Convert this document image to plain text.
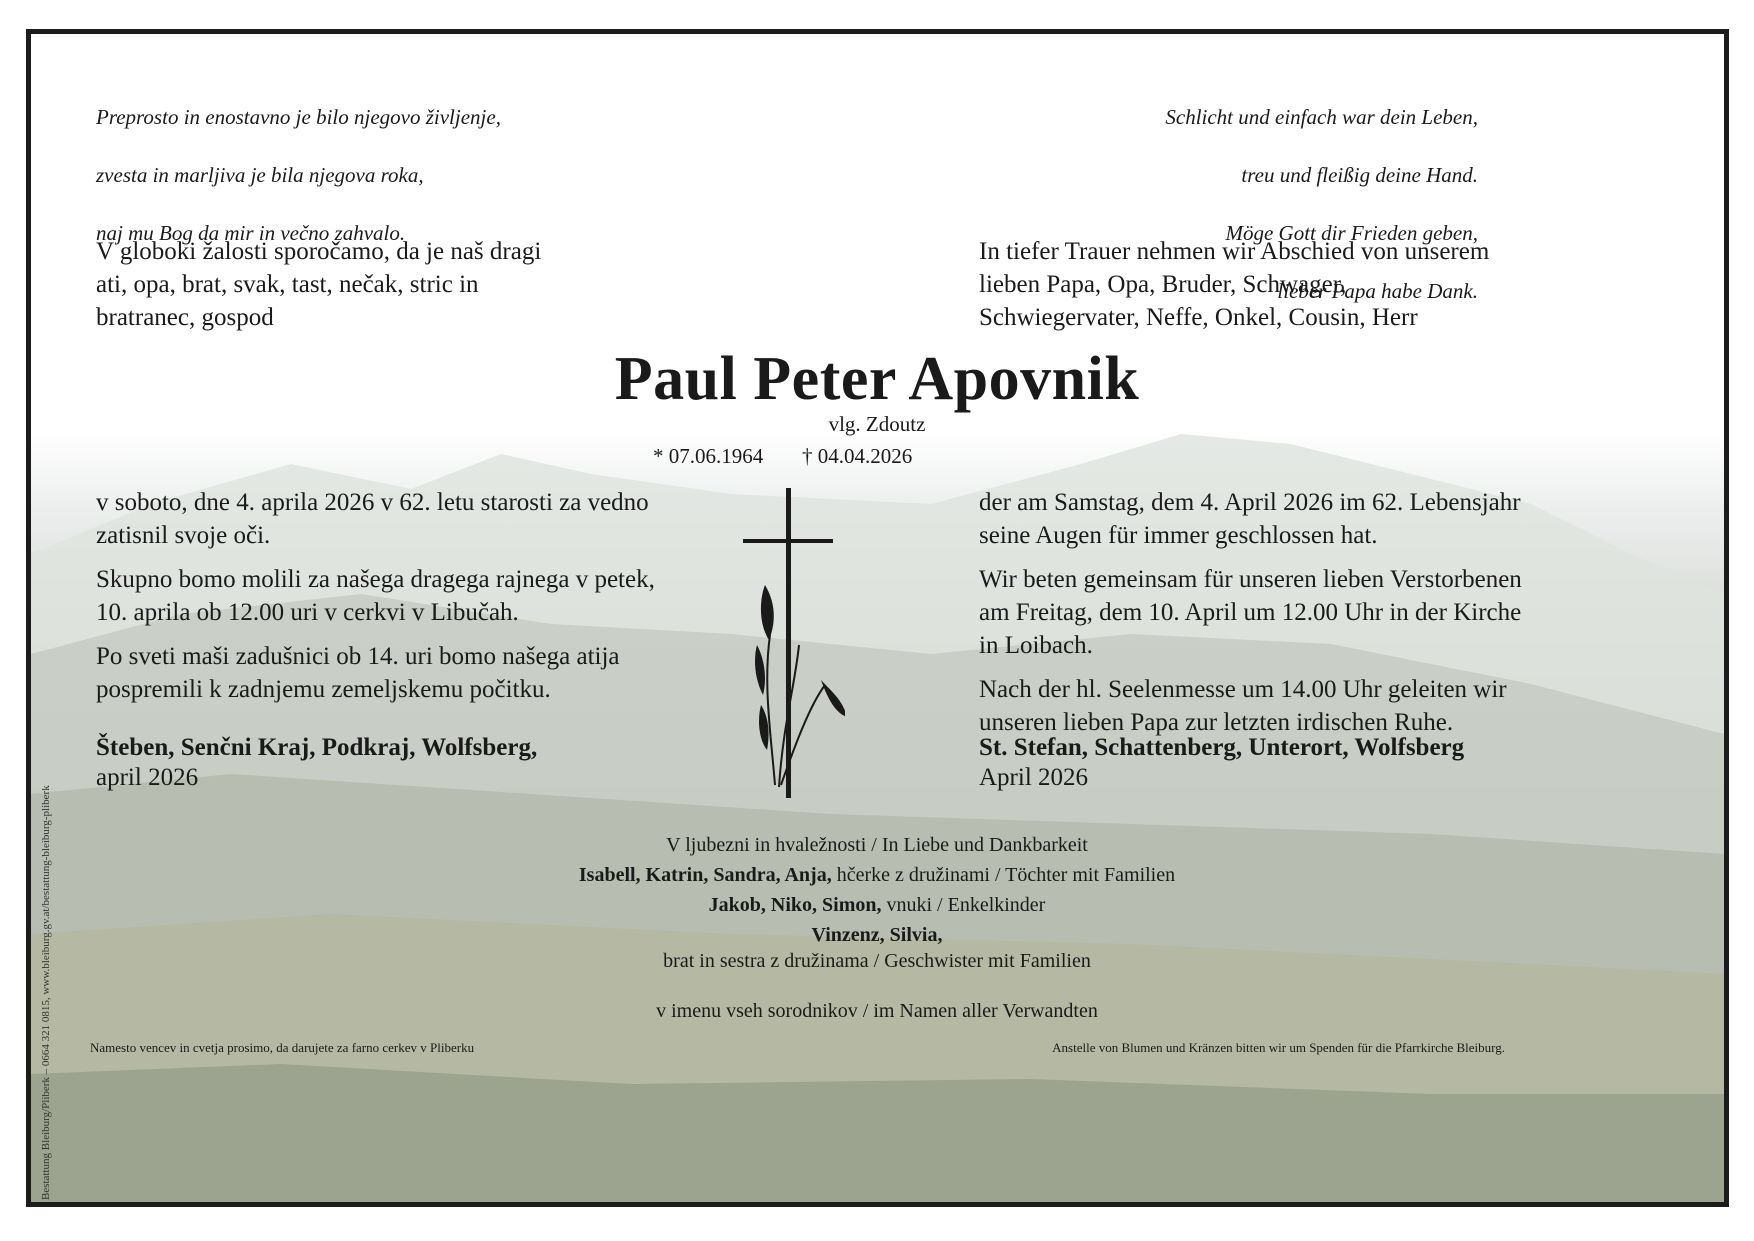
Preprosto in enostavno je bilo njegovo življenje,

zvesta in marljiva je bila njegova roka,

naj mu Bog da mir in večno zahvalo.

Schlicht und einfach war dein Leben,

treu und fleißig deine Hand.

Möge Gott dir Frieden geben,

lieber Papa habe Dank.

V globoki žalosti sporočamo, da je naš dragi ati, opa, brat, svak, tast, nečak, stric in bratranec, gospod
In tiefer Trauer nehmen wir Abschied von unserem lieben Papa, Opa, Bruder, Schwager, Schwiegervater, Neffe, Onkel, Cousin, Herr
Paul Peter Apovnik
vlg. Zdoutz
* 07.06.1964 † 04.04.2026

v soboto, dne 4. aprila 2026 v 62. letu starosti za vedno zatisnil svoje oči.

Skupno bomo molili za našega dragega rajnega v petek, 10. aprila ob 12.00 uri v cerkvi v Libučah.

Po sveti maši zadušnici ob 14. uri bomo našega atija pospremili k zadnjemu zemeljskemu počitku.

der am Samstag, dem 4. April 2026 im 62. Lebensjahr seine Augen für immer geschlossen hat.

Wir beten gemeinsam für unseren lieben Verstorbenen am Freitag, dem 10. April um 12.00 Uhr in der Kirche in Loibach.

Nach der hl. Seelenmesse um 14.00 Uhr geleiten wir unseren lieben Papa zur letzten irdischen Ruhe.

Šteben, Senčni Kraj, Podkraj, Wolfsberg,
april 2026
St. Stefan, Schattenberg, Unterort, Wolfsberg
April 2026
V ljubezni in hvaležnosti / In Liebe und Dankbarkeit
Isabell, Katrin, Sandra, Anja, hčerke z družinami / Töchter mit Familien
Jakob, Niko, Simon, vnuki / Enkelkinder
Vinzenz, Silvia,
brat in sestra z družinama / Geschwister mit Familien
v imenu vseh sorodnikov / im Namen aller Verwandten
Namesto vencev in cvetja prosimo, da darujete za farno cerkev v Pliberku	Anstelle von Blumen und Kränzen bitten wir um Spenden für die Pfarrkirche Bleiburg.
Bestattung Bleiburg/Pliberk – 0664 321 0815, www.bleiburg.gv.at/bestattung-bleiburg-pliberk
